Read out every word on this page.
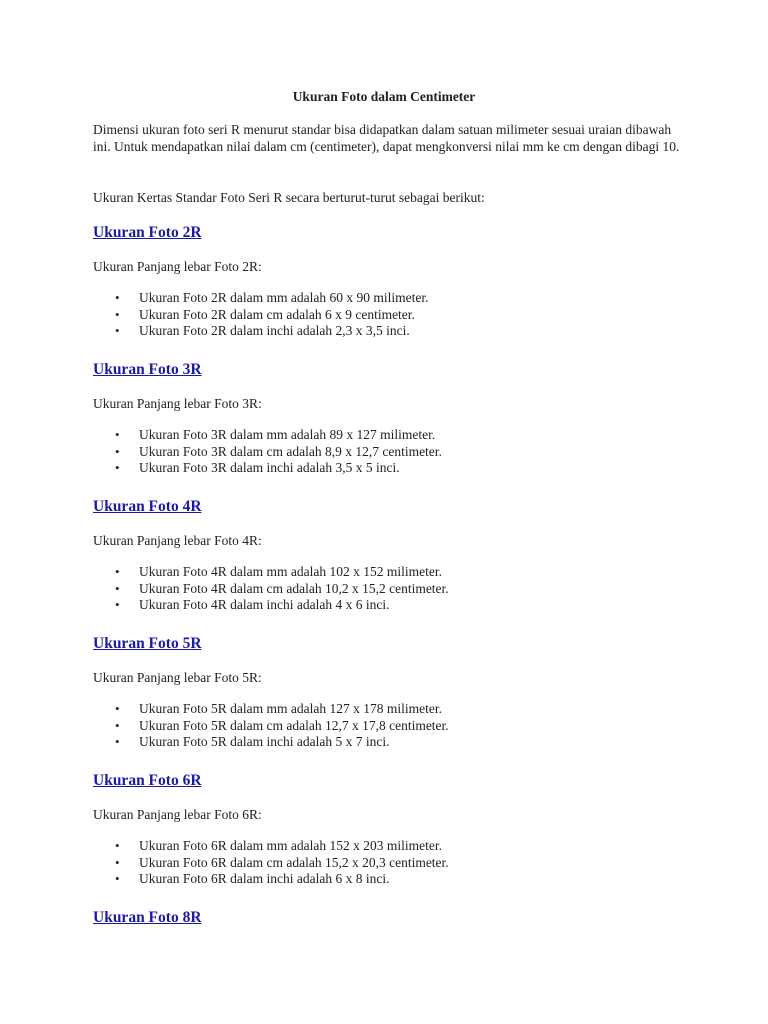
Ukuran Foto dalam Centimeter

Dimensi ukuran foto seri R menurut standar bisa didapatkan dalam satuan milimeter sesuai uraian dibawah ini. Untuk mendapatkan nilai dalam cm (centimeter), dapat mengkonversi nilai mm ke cm dengan dibagi 10.

Ukuran Kertas Standar Foto Seri R secara berturut-turut sebagai berikut:

Ukuran Foto 2R

Ukuran Panjang lebar Foto 2R:

• Ukuran Foto 2R dalam mm adalah 60 x 90 milimeter.
• Ukuran Foto 2R dalam cm adalah 6 x 9 centimeter.
• Ukuran Foto 2R dalam inchi adalah 2,3 x 3,5 inci.
Ukuran Foto 3R

Ukuran Panjang lebar Foto 3R:

• Ukuran Foto 3R dalam mm adalah 89 x 127 milimeter.
• Ukuran Foto 3R dalam cm adalah 8,9 x 12,7 centimeter.
• Ukuran Foto 3R dalam inchi adalah 3,5 x 5 inci.
Ukuran Foto 4R

Ukuran Panjang lebar Foto 4R:

• Ukuran Foto 4R dalam mm adalah 102 x 152 milimeter.
• Ukuran Foto 4R dalam cm adalah 10,2 x 15,2 centimeter.
• Ukuran Foto 4R dalam inchi adalah 4 x 6 inci.
Ukuran Foto 5R

Ukuran Panjang lebar Foto 5R:

• Ukuran Foto 5R dalam mm adalah 127 x 178 milimeter.
• Ukuran Foto 5R dalam cm adalah 12,7 x 17,8 centimeter.
• Ukuran Foto 5R dalam inchi adalah 5 x 7 inci.
Ukuran Foto 6R

Ukuran Panjang lebar Foto 6R:

• Ukuran Foto 6R dalam mm adalah 152 x 203 milimeter.
• Ukuran Foto 6R dalam cm adalah 15,2 x 20,3 centimeter.
• Ukuran Foto 6R dalam inchi adalah 6 x 8 inci.
Ukuran Foto 8R
